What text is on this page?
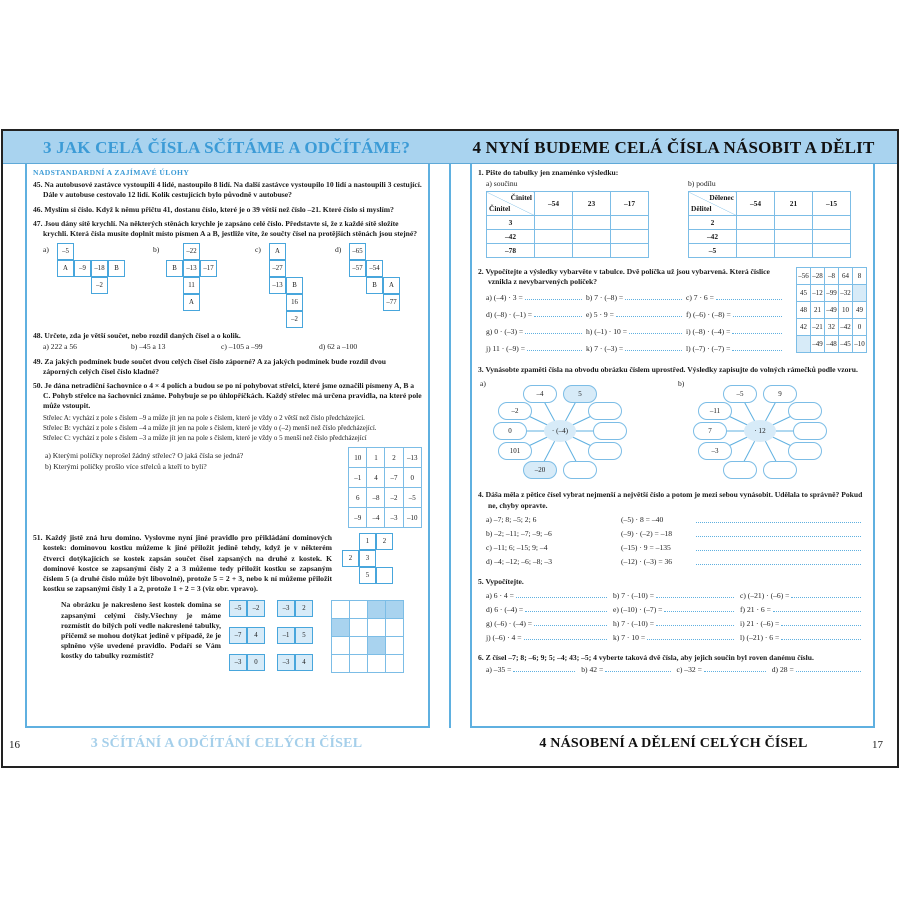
3 JAK CELÁ ČÍSLA SČÍTÁME A ODČÍTÁME?
NADSTANDARDNÍ A ZAJÍMAVÉ ÚLOHY
45. Na autobusové zastávce vystoupili 4 lidé, nastoupilo 8 lidí. Na další zastávce vystoupilo 10 lidí a nastoupili 3 cestující. Dále v autobuse cestovalo 12 lidí. Kolik cestujících bylo původně v autobuse?
46. Myslím si číslo. Když k němu přičtu 41, dostanu číslo, které je o 39 větší než číslo –21. Které číslo si myslím?
47. Jsou dány sítě krychlí. Na některých stěnách krychle je zapsáno celé číslo. Představte si, že z každé sítě složíte krychli. Která čísla musíte doplnit místo písmen A a B, jestliže víte, že součty čísel na protějších stěnách jsou stejné?
a)	–5
A	–9	–18	B
–2
b)	–22
B	–13 –17
11
A
c)	A
–27
–13	B
16
–2
d)	–65
–57 –54
B	A
–77
48. Určete, zda je větší součet, nebo rozdíl daných čísel a o kolik.
a) 222 a 56	b) –45 a 13	c) –105 a –99	d) 62 a –100
49. Za jakých podmínek bude součet dvou celých čísel číslo záporné? A za jakých podmínek bude rozdíl dvou záporných celých čísel číslo kladné?
50. Je dána netradiční šachovnice o 4 × 4 polích a budou se po ní pohybovat střelci, které jsme označili písmeny A, B a C. Pohyb střelce na šachovnici známe. Pohybuje se po úhlopříčkách. Každý střelec má určena pravidla, na které pole může vstoupit.
Střelec A: vychází z pole s číslem –9 a může jít jen na pole s číslem, které je vždy o 2 větší než číslo předcházející.
Střelec B: vychází z pole s číslem –4 a může jít jen na pole s číslem, které je vždy o (–2) menší než číslo předcházející.
Střelec C: vychází z pole s číslem –3 a může jít jen na pole s číslem, které je vždy o 5 menší než číslo předcházející
a) Kterými políčky neprošel žádný střelec? O jaká čísla se jedná?
b) Kterými políčky prošlo více střelců a kteří to byli?
10	1	2	–13
–1	4	–7	0
6	–8	–2	–5
–9	–4	–3	–10
51. Každý jistě zná hru domino. Vyslovme nyní jiné pravidlo pro přikládání dominových kostek: dominovou kostku můžeme k jiné přiložit jedině tehdy, když je v některém čtverci dotýkajících se kostek zapsán součet čísel zapsaných na druhé z kostek. K dominové kostce se zapsanými čísly 2 a 3 můžeme tedy přiložit kostku se zapsaným číslem 5 (a druhé číslo může být libovolné), protože 5 = 2 + 3, nebo k ní můžeme přiložit kostku se zapsanými čísly 1 a 2, protože 1 + 2 = 3 (viz obr. vpravo).
1	2
2	3
5
Na obrázku je nakresleno šest kostek domina se zapsanými celými čísly.Všechny je máme rozmístit do bílých polí vedle nakreslené tabulky, přičemž se mohou dotýkat jedině v případě, že je splněno výše uvedené pravidlo. Podaří se Vám kostky do tabulky rozmístit?
–5	–2	–3	2
–7	4	–1	5
–3	0	–3	4

16	3 SČÍTÁNÍ A ODČÍTÁNÍ CELÝCH ČÍSEL
4 NYNÍ BUDEME CELÁ ČÍSLA NÁSOBIT A DĚLIT
1. Pište do tabulky jen znaménko výsledku:
a) součinu	b) podílu
Činitel
Činitel	–54	23	–17
3			
–42			
–78			
Dělenec
Dělitel	–54	21	–15
2			
–42			
–5			
2. Vypočítejte a výsledky vybarvěte v tabulce. Dvě políčka už jsou vybarvená. Která číslice vznikla z nevybarvených políček?
a) (–4) · 3 =	b) 7 · (–8) =	c) 7 · 6 =
d) (–8) · (–1) =	e) 5 · 9 =	f) (–6) · (–8) =
g) 0 · (–3) =	h) (–1) · 10 =	i) (–8) · (–4) =
j) 11 · (–9) =	k) 7 · (–3) =	l) (–7) · (–7) =
–56	–28	–8	64	8
45	–12	–99	–32	
48	21	–49	10	49
42	–21	32	–42	0
	–49	–48	–45	–10
3. Vynásobte zpaměti čísla na obvodu obrázku číslem uprostřed. Výsledky zapisujte do volných rámečků podle vzoru.
a)	b)
· (–4)
–4	5
–2
0
101
–20
· 12
–5	9
–11
7
–3
4. Dáša měla z pětice čísel vybrat nejmenší a největší číslo a potom je mezi sebou vynásobit. Udělala to správně? Pokud ne, chyby opravte.
a) –7; 8; –5; 2; 6	(–5) · 8 = –40
b) –2; –11; –7; –9; –6	(–9) · (–2) = –18
c) –11; 6; –15; 9; –4	(–15) · 9 = –135
d) –4; –12; –6; –8; –3	(–12) · (–3) = 36
5. Vypočítejte.
a) 6 · 4 =	b) 7 · (–10) =	c) (–21) · (–6) =
d) 6 · (–4) =	e) (–10) · (–7) =	f) 21 · 6 =
g) (–6) · (–4) =	h) 7 · (–10) =	i) 21 · (–6) =
j) (–6) · 4 =	k) 7 · 10 =	l) (–21) · 6 =
6. Z čísel –7; 8; –6; 9; 5; –4; 43; –5; 4 vyberte taková dvě čísla, aby jejich součin byl roven danému číslu.
a) –35 =	b) 42 =	c) –32 =	d) 28 =
4 NÁSOBENÍ A DĚLENÍ CELÝCH ČÍSEL	17
